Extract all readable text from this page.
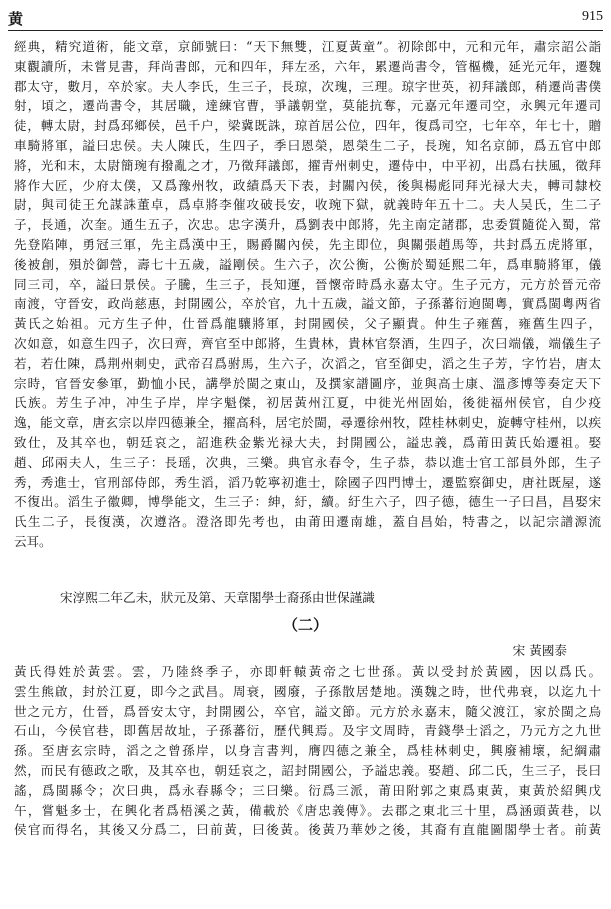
黄	915
經典，精究道術，能文章，京師號曰：“天下無雙，江夏黃童”。初除郎中，元和元年，肅宗詔公詣
東觀讀所，未嘗見書，拜尚書郎，元和四年，拜左丞，六年，累遷尚書令，管樞機，延光元年，遷魏
郡太守，數月，卒於家。夫人李氏，生三子，長琼，次瑰，三理。琼字世英，初拜議郎，稍遷尚書僕
射，頃之，遷尚書令，其居職，達練官曹，爭議朝堂，莫能抗奪，元嘉元年遷司空，永興元年遷司
徒，轉太尉，封爲邳鄉侯，邑千户，梁冀既誅，琼首居公位，四年，復爲司空，七年卒，年七十，贈
車騎將軍，謚曰忠侯。夫人陳氏，生四子，季曰恩榮，恩榮生二子，長琬，知名京師，爲五官中郎
將，光和末，太尉簡琬有撥亂之才，乃徵拜議郎，擢青州刺史，遷侍中，中平初，出爲右扶風，徵拜
將作大匠，少府太僕，又爲豫州牧，政績爲天下表，封關內侯，後與楊彪同拜光禄大夫，轉司隸校
尉，與司徒王允謀誅董卓，爲卓將李催攻破長安，收琬下獄，就義時年五十二。夫人吴氏，生二子
子，長通，次奎。通生五子，次忠。忠字漢升，爲劉表中郎將，先主南定諸郡，忠委質隨從入蜀，常
先登陷陣，勇冠三軍，先主爲漢中王，賜爵關內侯，先主即位，與關張趙馬等，共封爲五虎將軍，
後被創，殞於御營，壽七十五歲，謚剛侯。生六子，次公衡，公衡於蜀延熙二年，爲車騎將軍，儀
同三司，卒，謚曰景侯。子騰，生三子，長知運，晉懷帝時爲永嘉太守。生子元方，元方於晉元帝
南渡，守晉安，政尚慈惠，封開國公，卒於官，九十五歲，謚文節，子孫蕃衍逈閩粵，實爲閩粵两省
黃氏之始祖。元方生子仲，仕晉爲龍驤將軍，封開國侯，父子顯貴。仲生子雍舊，雍舊生四子，
次如意，如意生四子，次曰齊，齊官至中郎將，生貴林，貴林官祭酒，生四子，次曰端儀，端儀生子
若，若仕陳，爲荆州刺史，武帝召爲驸馬，生六子，次滔之，官至御史，滔之生子芳，字竹岩，唐太
宗時，官晉安參軍，勤恤小民，講學於閩之東山，及撰家譜圖序，並與高士康、溫彥博等奏定天下
氏族。芳生子冲，冲生子岸，岸字魁傑，初居黃州江夏，中徙光州固始，後徙福州侯官，自少疫
逸，能文章，唐玄宗以岸四德兼全，擢高科，居宅於閩，尋遷徐州牧，陞桂林刺史，旋轉守桂州，以疾
致仕，及其卒也，朝廷哀之，詔進秩金紫光禄大夫，封開國公，謚忠義，爲莆田黃氏始遷祖。娶
趙、邱兩夫人，生三子：長瑶，次典，三樂。典官永春令，生子恭，恭以進士官工部員外郎，生子
秀，秀進士，官刑部侍郎，秀生滔，滔乃乾寧初進士，除國子四門博士，遷監察御史，唐社既屋，遂
不復出。滔生子徽卿，博學能文，生三子：紳，紆，續。紆生六子，四子德，德生一子曰昌，昌娶宋
氏生二子，長復漢，次遵洛。澄洛即先考也，由莆田遷南雄，蓋自昌始，特書之，以記宗譜源流
云耳。
宋淳熙二年乙未，狀元及第、天章閣學士裔孫由世保謹識
（二）
宋 黃國泰
黃氏得姓於黃雲。雲，乃陸終季子，亦即軒轅黃帝之七世孫。黃以受封於黃國，因以爲氏。
雲生熊啟，封於江夏，即今之武昌。周衰，國廢，子孫散居楚地。漢魏之時，世代弗衰，以迄九十
世之元方，仕晉，爲晉安太守，封開國公，卒官，謚文節。元方於永嘉末，隨父渡江，家於閩之烏
石山，今侯官巷，即舊居故址，子孫蕃衍，歷代興焉。及宇文周時，青錢學士滔之，乃元方之九世
孫。至唐玄宗時，滔之之曾孫岸，以身言書判，膺四德之兼全，爲桂林刺史，興廢補壞，紀綱肅
然，而民有德政之歌，及其卒也，朝廷哀之，詔封開國公，予謚忠義。娶趙、邱二氏，生三子，長曰
謠，爲閩縣令；次曰典，爲永春縣令；三曰樂。衍爲三派，莆田附郭之東爲東黃，東黃於紹興戊
午，嘗魁多士，在興化者爲梧溪之黃，備載於《唐忠義傳》。去郡之東北三十里，爲涵頭黃巷，以
侯官而得名，其後又分爲二，曰前黃，曰後黃。後黃乃華妙之後，其裔有直龍圖閣學士者。前黃
